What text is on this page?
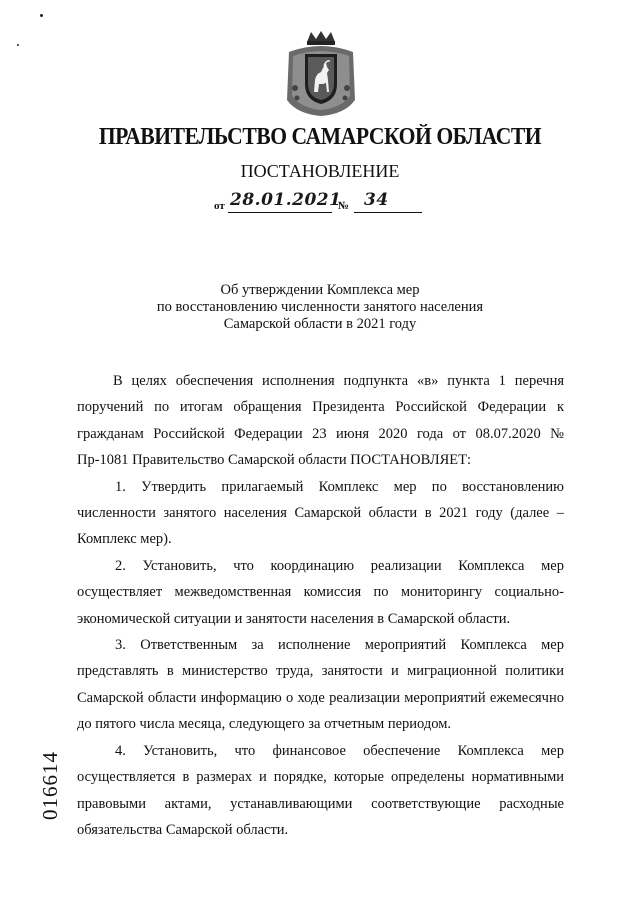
ПРАВИТЕЛЬСТВО САМАРСКОЙ ОБЛАСТИ
ПОСТАНОВЛЕНИЕ
от 28.01.2021
№ 34
Об утверждении Комплекса мер
по восстановлению численности занятого населения
Самарской области в 2021 году

В целях обеспечения исполнения подпункта «в» пункта 1 перечня поручений по итогам обращения Президента Российской Федерации к гражданам Российской Федерации 23 июня 2020 года от 08.07.2020 № Пр-1081 Правительство Самарской области ПОСТАНОВЛЯЕТ:

1. Утвердить прилагаемый Комплекс мер по восстановлению численности занятого населения Самарской области в 2021 году (далее – Комплекс мер).

2. Установить, что координацию реализации Комплекса мер осуществляет межведомственная комиссия по мониторингу социально-экономической ситуации и занятости населения в Самарской области.

3. Ответственным за исполнение мероприятий Комплекса мер представлять в министерство труда, занятости и миграционной политики Самарской области информацию о ходе реализации мероприятий ежемесячно до пятого числа месяца, следующего за отчетным периодом.

4. Установить, что финансовое обеспечение Комплекса мер осуществляется в размерах и порядке, которые определены нормативными правовыми актами, устанавливающими соответствующие расходные обязательства Самарской области.

016614
